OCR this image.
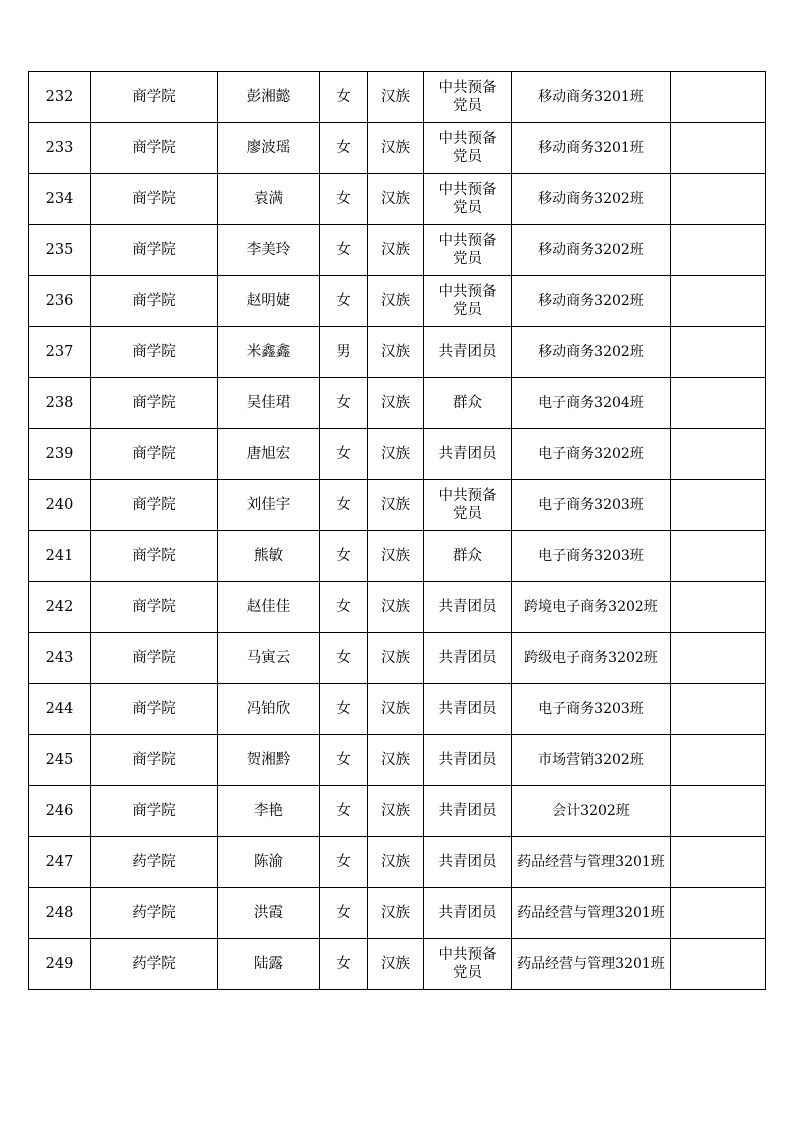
232	商学院	彭湘懿	女	汉族	中共预备党员	移动商务3201班	
233	商学院	廖波瑶	女	汉族	中共预备党员	移动商务3201班	
234	商学院	袁满	女	汉族	中共预备党员	移动商务3202班	
235	商学院	李美玲	女	汉族	中共预备党员	移动商务3202班	
236	商学院	赵明婕	女	汉族	中共预备党员	移动商务3202班	
237	商学院	米鑫鑫	男	汉族	共青团员	移动商务3202班	
238	商学院	吴佳珺	女	汉族	群众	电子商务3204班	
239	商学院	唐旭宏	女	汉族	共青团员	电子商务3202班	
240	商学院	刘佳宇	女	汉族	中共预备党员	电子商务3203班	
241	商学院	熊敏	女	汉族	群众	电子商务3203班	
242	商学院	赵佳佳	女	汉族	共青团员	跨境电子商务3202班	
243	商学院	马寅云	女	汉族	共青团员	跨级电子商务3202班	
244	商学院	冯铂欣	女	汉族	共青团员	电子商务3203班	
245	商学院	贺湘黔	女	汉族	共青团员	市场营销3202班	
246	商学院	李艳	女	汉族	共青团员	会计3202班	
247	药学院	陈渝	女	汉族	共青团员	药品经营与管理3201班	
248	药学院	洪霞	女	汉族	共青团员	药品经营与管理3201班	
249	药学院	陆露	女	汉族	中共预备党员	药品经营与管理3201班	
